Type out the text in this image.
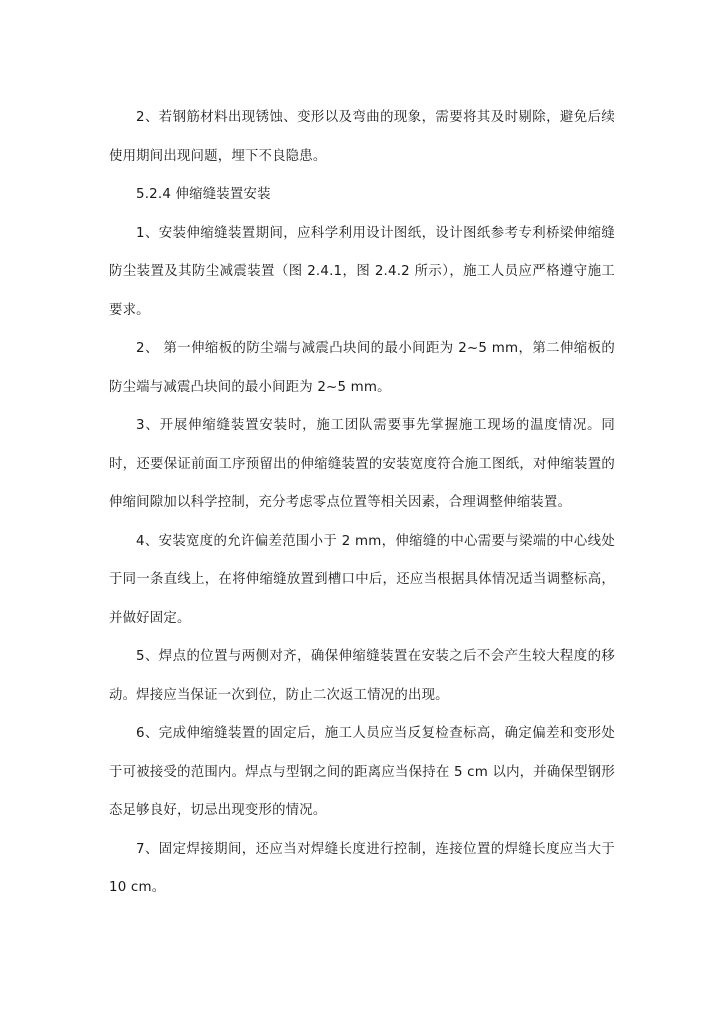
2、若钢筋材料出现锈蚀、变形以及弯曲的现象，需要将其及时剔除，避免后续使用期间出现问题，埋下不良隐患。

5.2.4 伸缩缝装置安装

1、安装伸缩缝装置期间，应科学利用设计图纸，设计图纸参考专利桥梁伸缩缝防尘装置及其防尘减震装置（图 2.4.1，图 2.4.2 所示），施工人员应严格遵守施工要求。

2、 第一伸缩板的防尘端与减震凸块间的最小间距为 2~5 mm，第二伸缩板的防尘端与减震凸块间的最小间距为 2~5 mm。

3、开展伸缩缝装置安装时，施工团队需要事先掌握施工现场的温度情况。同时，还要保证前面工序预留出的伸缩缝装置的安装宽度符合施工图纸，对伸缩装置的伸缩间隙加以科学控制，充分考虑零点位置等相关因素，合理调整伸缩装置。

4、安装宽度的允许偏差范围小于 2 mm，伸缩缝的中心需要与梁端的中心线处于同一条直线上，在将伸缩缝放置到槽口中后，还应当根据具体情况适当调整标高，并做好固定。

5、焊点的位置与两侧对齐，确保伸缩缝装置在安装之后不会产生较大程度的移动。焊接应当保证一次到位，防止二次返工情况的出现。

6、完成伸缩缝装置的固定后，施工人员应当反复检查标高，确定偏差和变形处于可被接受的范围内。焊点与型钢之间的距离应当保持在 5 cm 以内，并确保型钢形态足够良好，切忌出现变形的情况。

7、固定焊接期间，还应当对焊缝长度进行控制，连接位置的焊缝长度应当大于 10 cm。
